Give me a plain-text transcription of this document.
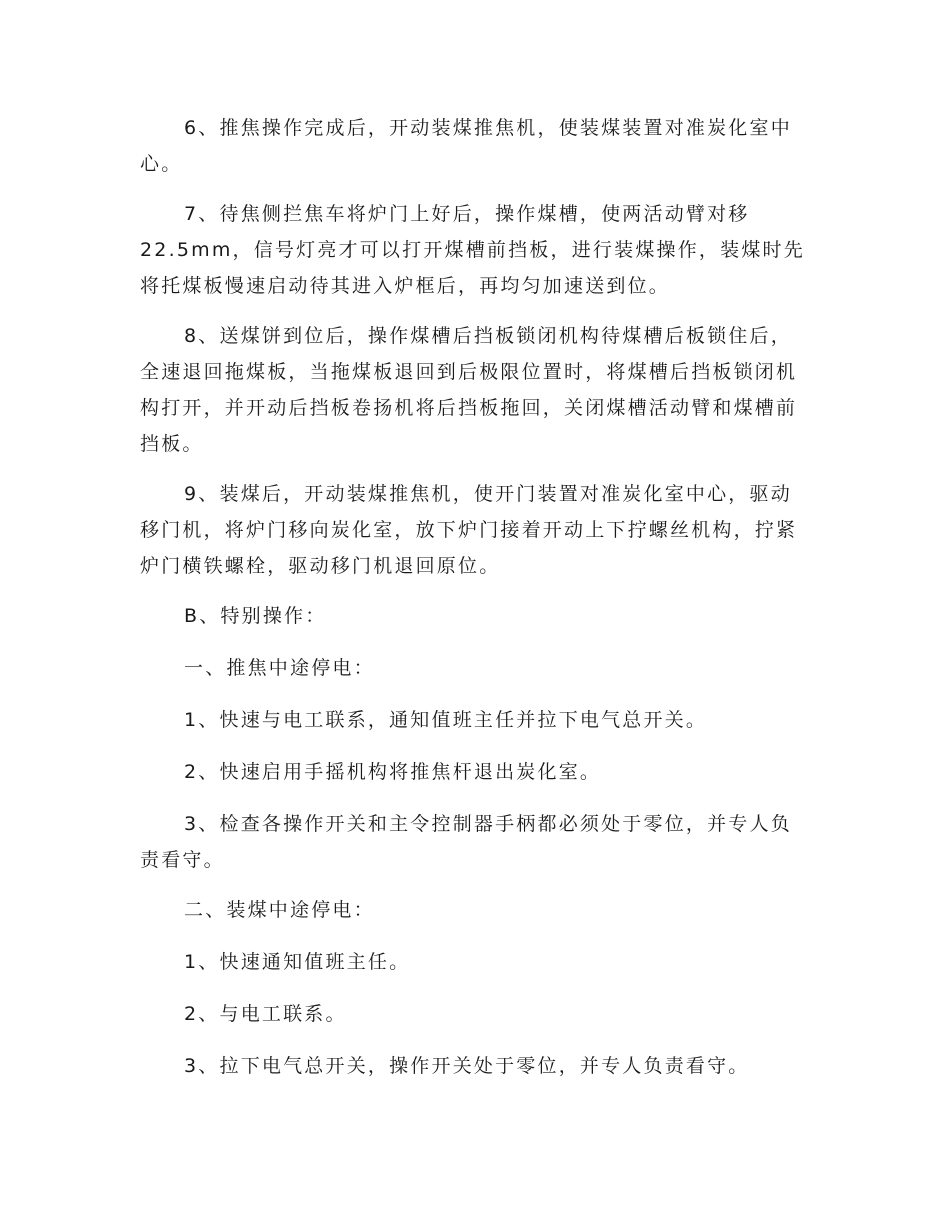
6、推焦操作完成后，开动装煤推焦机，使装煤装置对准炭化室中心。

7、待焦侧拦焦车将炉门上好后，操作煤槽，使两活动臂对移22.5mm，信号灯亮才可以打开煤槽前挡板，进行装煤操作，装煤时先将托煤板慢速启动待其进入炉框后，再均匀加速送到位。

8、送煤饼到位后，操作煤槽后挡板锁闭机构待煤槽后板锁住后，全速退回拖煤板，当拖煤板退回到后极限位置时，将煤槽后挡板锁闭机构打开，并开动后挡板卷扬机将后挡板拖回，关闭煤槽活动臂和煤槽前挡板。

9、装煤后，开动装煤推焦机，使开门装置对准炭化室中心，驱动移门机，将炉门移向炭化室，放下炉门接着开动上下拧螺丝机构，拧紧炉门横铁螺栓，驱动移门机退回原位。

B、特别操作：

一、推焦中途停电：

1、快速与电工联系，通知值班主任并拉下电气总开关。

2、快速启用手摇机构将推焦杆退出炭化室。

3、检查各操作开关和主令控制器手柄都必须处于零位，并专人负责看守。

二、装煤中途停电：

1、快速通知值班主任。

2、与电工联系。

3、拉下电气总开关，操作开关处于零位，并专人负责看守。
